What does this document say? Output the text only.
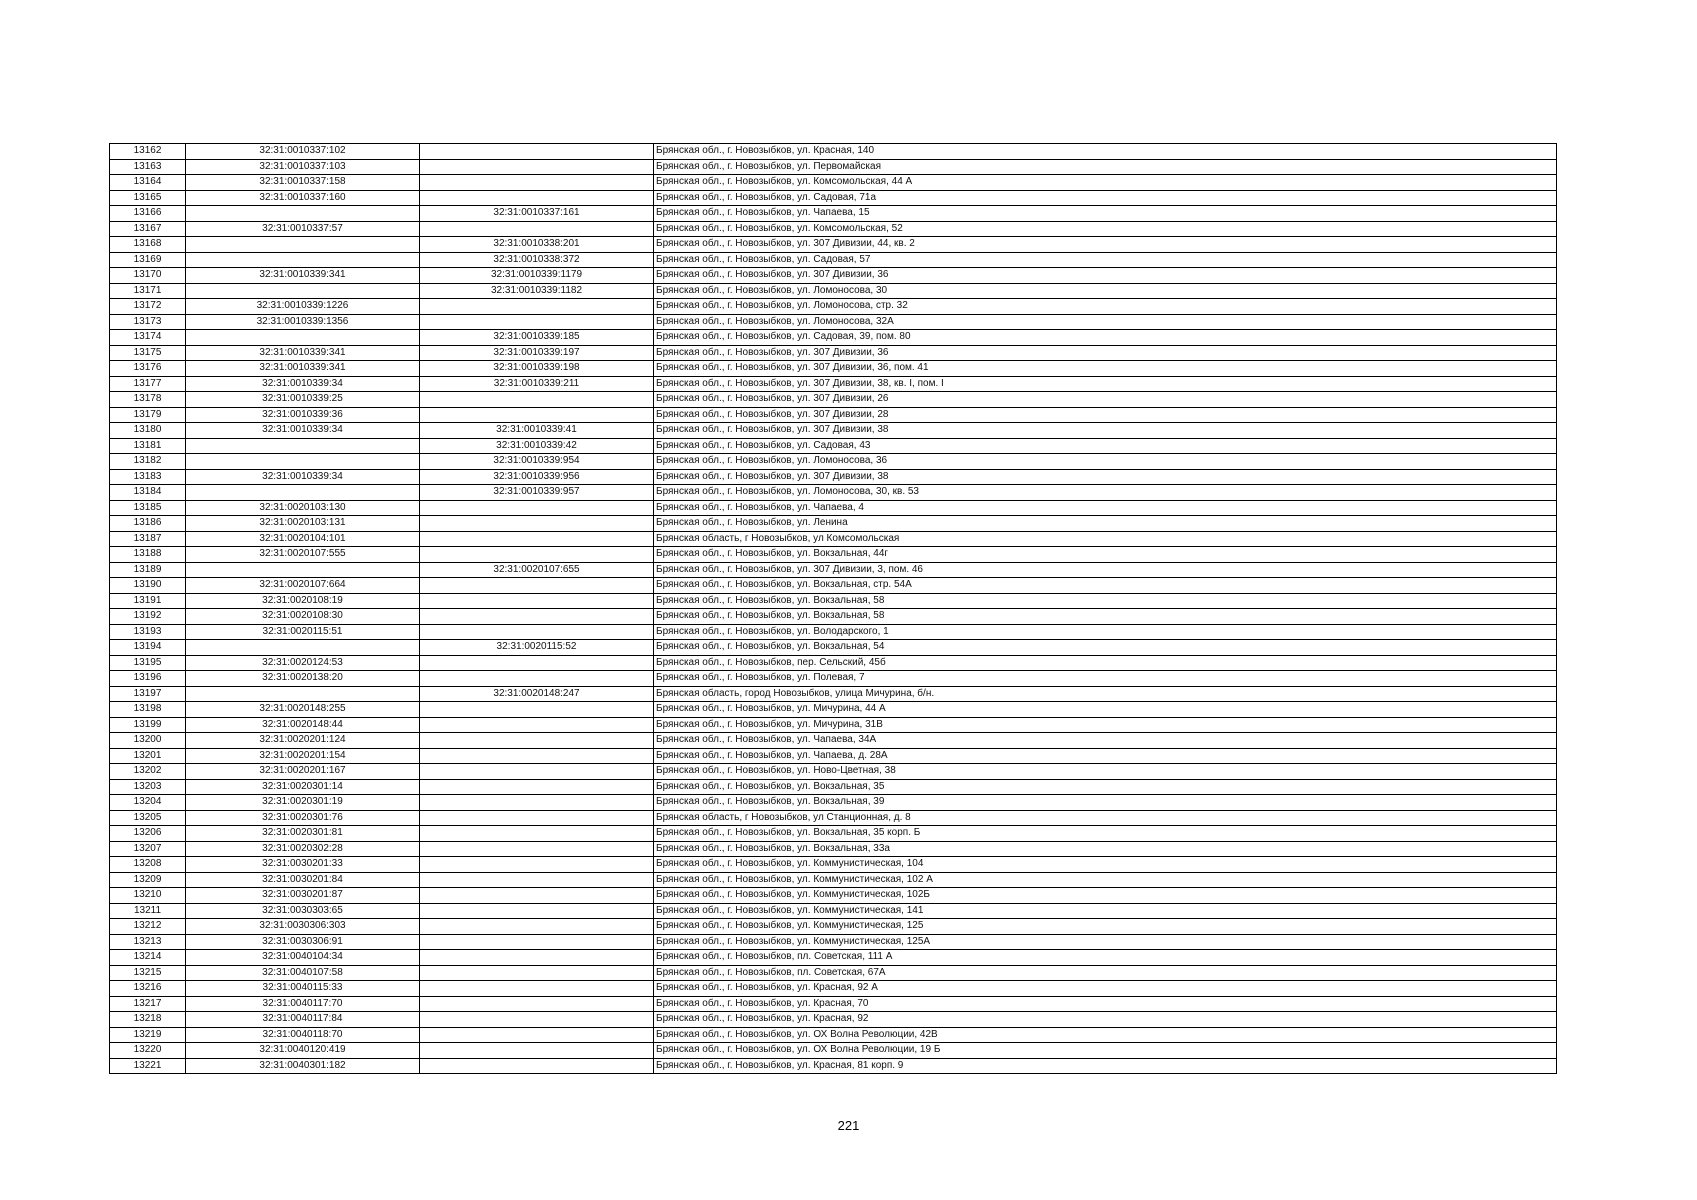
13162	32:31:0010337:102		Брянская обл., г. Новозыбков, ул. Красная, 140
13163	32:31:0010337:103		Брянская обл., г. Новозыбков, ул. Первомайская
13164	32:31:0010337:158		Брянская обл., г. Новозыбков, ул. Комсомольская, 44 А
13165	32:31:0010337:160		Брянская обл., г. Новозыбков, ул. Садовая, 71а
13166		32:31:0010337:161	Брянская обл., г. Новозыбков, ул. Чапаева, 15
13167	32:31:0010337:57		Брянская обл., г. Новозыбков, ул. Комсомольская, 52
13168		32:31:0010338:201	Брянская обл., г. Новозыбков, ул. 307 Дивизии, 44, кв. 2
13169		32:31:0010338:372	Брянская обл., г. Новозыбков, ул. Садовая, 57
13170	32:31:0010339:341	32:31:0010339:1179	Брянская обл., г. Новозыбков, ул. 307 Дивизии, 36
13171		32:31:0010339:1182	Брянская обл., г. Новозыбков, ул. Ломоносова, 30
13172	32:31:0010339:1226		Брянская обл., г. Новозыбков, ул. Ломоносова, стр. 32
13173	32:31:0010339:1356		Брянская обл., г. Новозыбков, ул. Ломоносова, 32А
13174		32:31:0010339:185	Брянская обл., г. Новозыбков, ул. Садовая, 39, пом. 80
13175	32:31:0010339:341	32:31:0010339:197	Брянская обл., г. Новозыбков, ул. 307 Дивизии, 36
13176	32:31:0010339:341	32:31:0010339:198	Брянская обл., г. Новозыбков, ул. 307 Дивизии, 36, пом. 41
13177	32:31:0010339:34	32:31:0010339:211	Брянская обл., г. Новозыбков, ул. 307 Дивизии, 38, кв. I, пом. I
13178	32:31:0010339:25		Брянская обл., г. Новозыбков, ул. 307 Дивизии, 26
13179	32:31:0010339:36		Брянская обл., г. Новозыбков, ул. 307 Дивизии, 28
13180	32:31:0010339:34	32:31:0010339:41	Брянская обл., г. Новозыбков, ул. 307 Дивизии, 38
13181		32:31:0010339:42	Брянская обл., г. Новозыбков, ул. Садовая, 43
13182		32:31:0010339:954	Брянская обл., г. Новозыбков, ул. Ломоносова, 36
13183	32:31:0010339:34	32:31:0010339:956	Брянская обл., г. Новозыбков, ул. 307 Дивизии, 38
13184		32:31:0010339:957	Брянская обл., г. Новозыбков, ул. Ломоносова, 30, кв. 53
13185	32:31:0020103:130		Брянская обл., г. Новозыбков, ул. Чапаева, 4
13186	32:31:0020103:131		Брянская обл., г. Новозыбков, ул. Ленина
13187	32:31:0020104:101		Брянская область, г Новозыбков, ул Комсомольская
13188	32:31:0020107:555		Брянская обл., г. Новозыбков, ул. Вокзальная, 44г
13189		32:31:0020107:655	Брянская обл., г. Новозыбков, ул. 307 Дивизии, 3, пом. 46
13190	32:31:0020107:664		Брянская обл., г. Новозыбков, ул. Вокзальная, стр. 54А
13191	32:31:0020108:19		Брянская обл., г. Новозыбков, ул. Вокзальная, 58
13192	32:31:0020108:30		Брянская обл., г. Новозыбков, ул. Вокзальная, 58
13193	32:31:0020115:51		Брянская обл., г. Новозыбков, ул. Володарского, 1
13194		32:31:0020115:52	Брянская обл., г. Новозыбков, ул. Вокзальная, 54
13195	32:31:0020124:53		Брянская обл., г. Новозыбков, пер. Сельский, 45б
13196	32:31:0020138:20		Брянская обл., г. Новозыбков, ул. Полевая, 7
13197		32:31:0020148:247	Брянская область, город Новозыбков, улица Мичурина, б/н.
13198	32:31:0020148:255		Брянская обл., г. Новозыбков, ул. Мичурина, 44 А
13199	32:31:0020148:44		Брянская обл., г. Новозыбков, ул. Мичурина, 31В
13200	32:31:0020201:124		Брянская обл., г. Новозыбков, ул. Чапаева, 34А
13201	32:31:0020201:154		Брянская обл., г. Новозыбков, ул. Чапаева, д. 28А
13202	32:31:0020201:167		Брянская обл., г. Новозыбков, ул. Ново-Цветная, 38
13203	32:31:0020301:14		Брянская обл., г. Новозыбков, ул. Вокзальная, 35
13204	32:31:0020301:19		Брянская обл., г. Новозыбков, ул. Вокзальная, 39
13205	32:31:0020301:76		Брянская область, г Новозыбков, ул Станционная, д. 8
13206	32:31:0020301:81		Брянская обл., г. Новозыбков, ул. Вокзальная, 35 корп. Б
13207	32:31:0020302:28		Брянская обл., г. Новозыбков, ул. Вокзальная, 33а
13208	32:31:0030201:33		Брянская обл., г. Новозыбков, ул. Коммунистическая, 104
13209	32:31:0030201:84		Брянская обл., г. Новозыбков, ул. Коммунистическая, 102 А
13210	32:31:0030201:87		Брянская обл., г. Новозыбков, ул. Коммунистическая, 102Б
13211	32:31:0030303:65		Брянская обл., г. Новозыбков, ул. Коммунистическая, 141
13212	32:31:0030306:303		Брянская обл., г. Новозыбков, ул. Коммунистическая, 125
13213	32:31:0030306:91		Брянская обл., г. Новозыбков, ул. Коммунистическая, 125А
13214	32:31:0040104:34		Брянская обл., г. Новозыбков, пл. Советская, 111 А
13215	32:31:0040107:58		Брянская обл., г. Новозыбков, пл. Советская, 67А
13216	32:31:0040115:33		Брянская обл., г. Новозыбков, ул. Красная, 92 А
13217	32:31:0040117:70		Брянская обл., г. Новозыбков, ул. Красная, 70
13218	32:31:0040117:84		Брянская обл., г. Новозыбков, ул. Красная, 92
13219	32:31:0040118:70		Брянская обл., г. Новозыбков, ул. ОХ Волна Революции, 42В
13220	32:31:0040120:419		Брянская обл., г. Новозыбков, ул. ОХ Волна Революции, 19 Б
13221	32:31:0040301:182		Брянская обл., г. Новозыбков, ул. Красная, 81 корп. 9
221
